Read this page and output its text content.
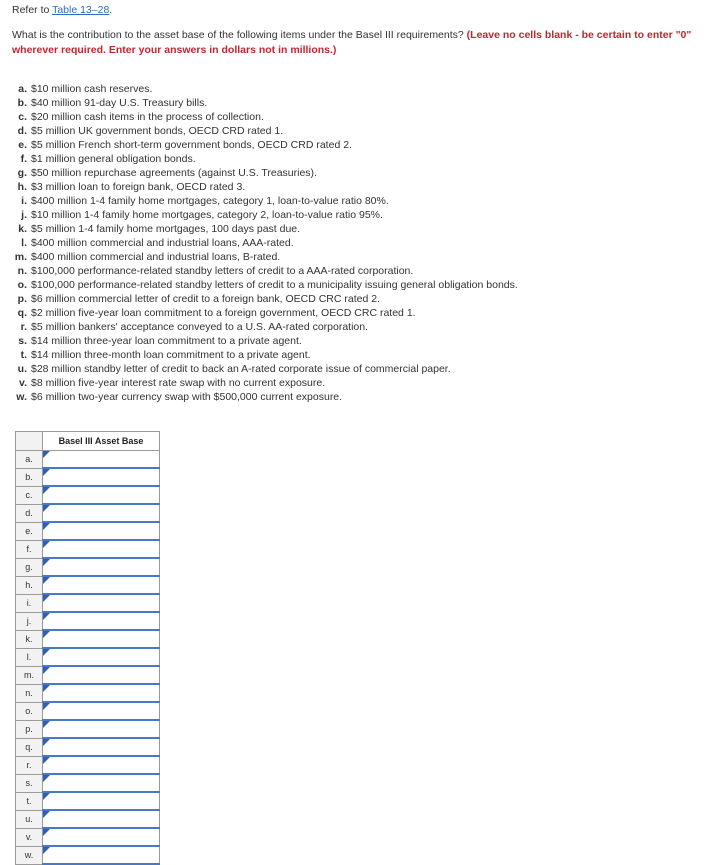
Refer to Table 13–28.
What is the contribution to the asset base of the following items under the Basel III requirements? (Leave no cells blank - be certain to enter "0" wherever required. Enter your answers in dollars not in millions.)
a. $10 million cash reserves.
b. $40 million 91-day U.S. Treasury bills.
c. $20 million cash items in the process of collection.
d. $5 million UK government bonds, OECD CRD rated 1.
e. $5 million French short-term government bonds, OECD CRD rated 2.
f. $1 million general obligation bonds.
g. $50 million repurchase agreements (against U.S. Treasuries).
h. $3 million loan to foreign bank, OECD rated 3.
i. $400 million 1-4 family home mortgages, category 1, loan-to-value ratio 80%.
j. $10 million 1-4 family home mortgages, category 2, loan-to-value ratio 95%.
k. $5 million 1-4 family home mortgages, 100 days past due.
l. $400 million commercial and industrial loans, AAA-rated.
m. $400 million commercial and industrial loans, B-rated.
n. $100,000 performance-related standby letters of credit to a AAA-rated corporation.
o. $100,000 performance-related standby letters of credit to a municipality issuing general obligation bonds.
p. $6 million commercial letter of credit to a foreign bank, OECD CRC rated 2.
q. $2 million five-year loan commitment to a foreign government, OECD CRC rated 1.
r. $5 million bankers' acceptance conveyed to a U.S. AA-rated corporation.
s. $14 million three-year loan commitment to a private agent.
t. $14 million three-month loan commitment to a private agent.
u. $28 million standby letter of credit to back an A-rated corporate issue of commercial paper.
v. $8 million five-year interest rate swap with no current exposure.
w. $6 million two-year currency swap with $500,000 current exposure.
	Basel III Asset Base
a.	

b.	

c.	

d.	

e.	

f.	

g.	

h.	

i.	

j.	

k.	

l.	

m.	

n.	

o.	

p.	

q.	

r.	

s.	

t.	

u.	

v.	

w.	
